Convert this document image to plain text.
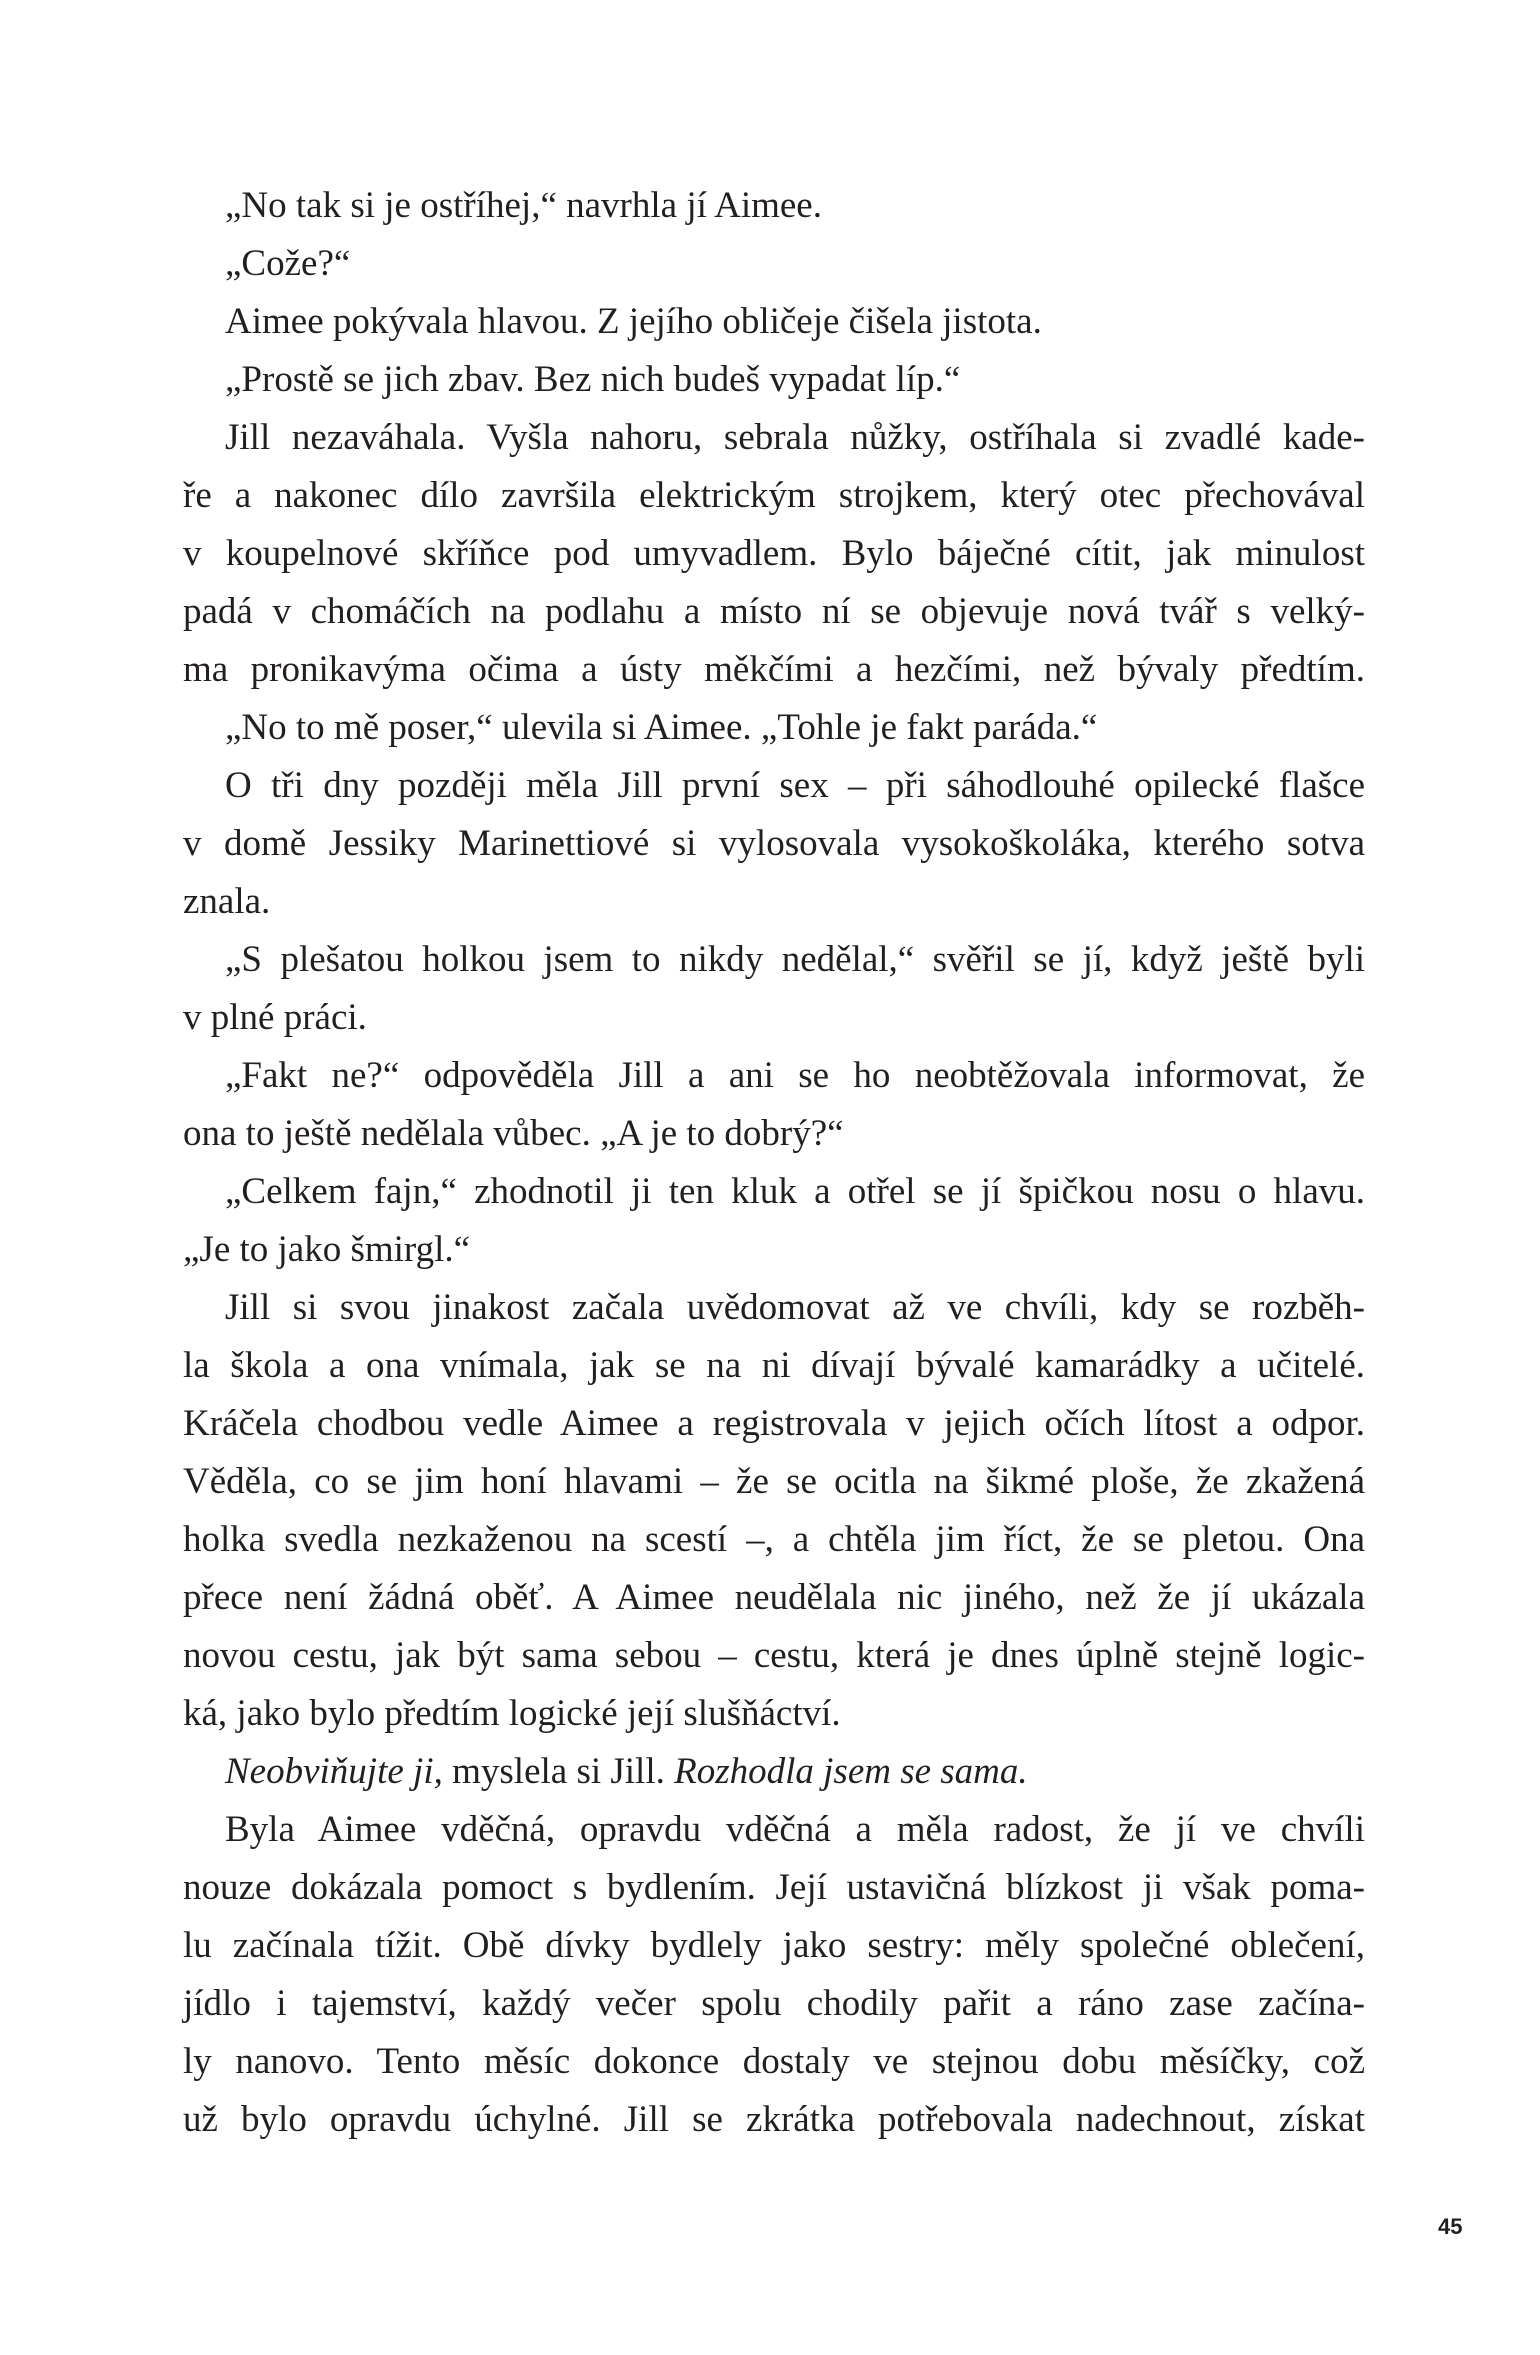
„No tak si je ostříhej,“ navrhla jí Aimee.
„Cože?“
Aimee pokývala hlavou. Z jejího obličeje čišela jistota.
„Prostě se jich zbav. Bez nich budeš vypadat líp.“
Jill nezaváhala. Vyšla nahoru, sebrala nůžky, ostříhala si zvadlé kade-
ře a nakonec dílo završila elektrickým strojkem, který otec přechovával
v koupelnové skříňce pod umyvadlem. Bylo báječné cítit, jak minulost
padá v chomáčích na podlahu a místo ní se objevuje nová tvář s velký-
ma pronikavýma očima a ústy měkčími a hezčími, než bývaly předtím.
„No to mě poser,“ ulevila si Aimee. „Tohle je fakt paráda.“
O tři dny později měla Jill první sex – při sáhodlouhé opilecké flašce
v domě Jessiky Marinettiové si vylosovala vysokoškoláka, kterého sotva
znala.
„S plešatou holkou jsem to nikdy nedělal,“ svěřil se jí, když ještě byli
v plné práci.
„Fakt ne?“ odpověděla Jill a ani se ho neobtěžovala informovat, že
ona to ještě nedělala vůbec. „A je to dobrý?“
„Celkem fajn,“ zhodnotil ji ten kluk a otřel se jí špičkou nosu o hlavu.
„Je to jako šmirgl.“
Jill si svou jinakost začala uvědomovat až ve chvíli, kdy se rozběh-
la škola a ona vnímala, jak se na ni dívají bývalé kamarádky a učitelé.
Kráčela chodbou vedle Aimee a registrovala v jejich očích lítost a odpor.
Věděla, co se jim honí hlavami – že se ocitla na šikmé ploše, že zkažená
holka svedla nezkaženou na scestí –, a chtěla jim říct, že se pletou. Ona
přece není žádná oběť. A Aimee neudělala nic jiného, než že jí ukázala
novou cestu, jak být sama sebou – cestu, která je dnes úplně stejně logic-
ká, jako bylo předtím logické její slušňáctví.
Neobviňujte ji, myslela si Jill. Rozhodla jsem se sama.
Byla Aimee vděčná, opravdu vděčná a měla radost, že jí ve chvíli
nouze dokázala pomoct s bydlením. Její ustavičná blízkost ji však poma-
lu začínala tížit. Obě dívky bydlely jako sestry: měly společné oblečení,
jídlo i tajemství, každý večer spolu chodily pařit a ráno zase začína-
ly nanovo. Tento měsíc dokonce dostaly ve stejnou dobu měsíčky, což
už bylo opravdu úchylné. Jill se zkrátka potřebovala nadechnout, získat
45
